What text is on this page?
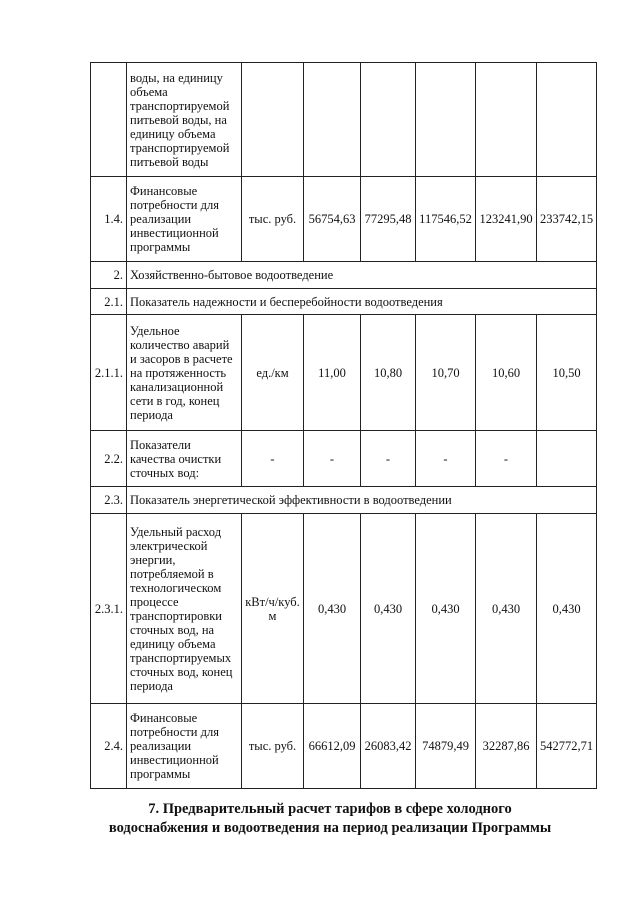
	воды, на единицу объема транспортируемой питьевой воды, на единицу объема транспортируемой питьевой воды						
1.4.	Финансовые потребности для реализации инвестиционной программы	тыс. руб.	56754,63	77295,48	117546,52	123241,90	233742,15
2.	Хозяйственно-бытовое водоотведение						
2.1.	Показатель надежности и бесперебойности водоотведения						
2.1.1.	Удельное количество аварий и засоров в расчете на протяженность канализационной сети в год, конец периода	ед./км	11,00	10,80	10,70	10,60	10,50
2.2.	Показатели качества очистки сточных вод:	-	-	-	-	-	
2.3.	Показатель энергетической эффективности в водоотведении						
2.3.1.	Удельный расход электрической энергии, потребляемой в технологическом процессе транспортировки сточных вод, на единицу объема транспортируемых сточных вод, конец периода	кВт/ч/куб. м	0,430	0,430	0,430	0,430	0,430
2.4.	Финансовые потребности для реализации инвестиционной программы	тыс. руб.	66612,09	26083,42	74879,49	32287,86	542772,71
7. Предварительный расчет тарифов в сфере холодного
водоснабжения и водоотведения на период реализации Программы
